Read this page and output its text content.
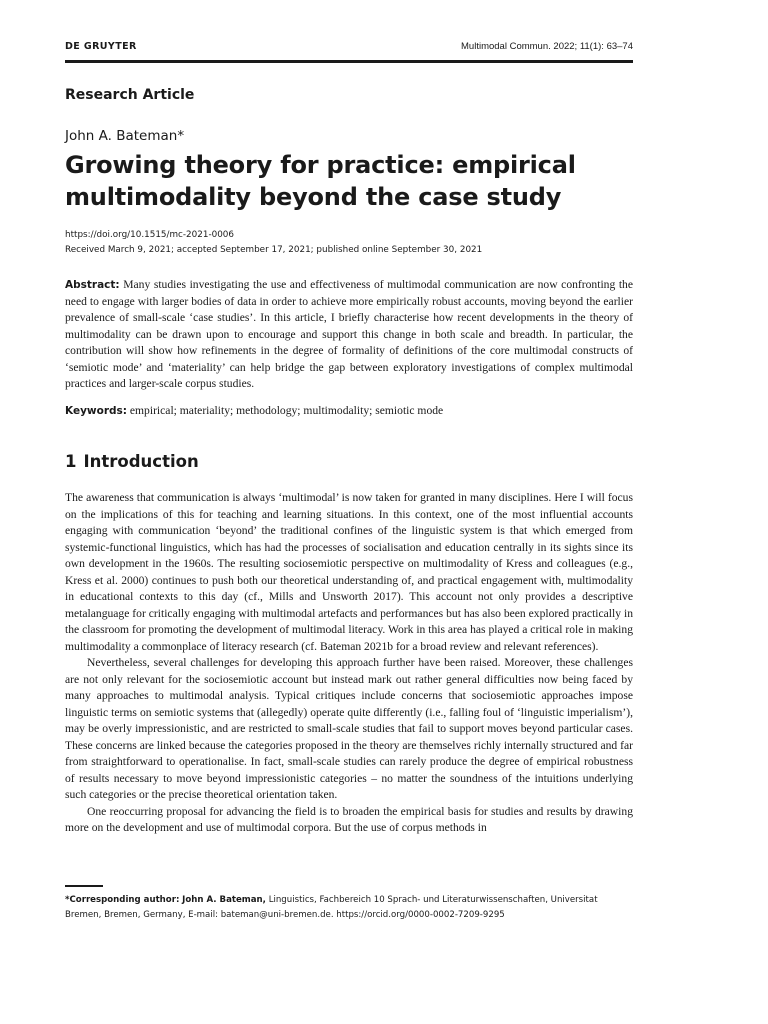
DE GRUYTER	Multimodal Commun. 2022; 11(1): 63–74
Research Article
John A. Bateman*
Growing theory for practice: empirical
multimodality beyond the case study
https://doi.org/10.1515/mc-2021-0006
Received March 9, 2021; accepted September 17, 2021; published online September 30, 2021
Abstract: Many studies investigating the use and effectiveness of multimodal communication are now confronting the need to engage with larger bodies of data in order to achieve more empirically robust accounts, moving beyond the earlier prevalence of small-scale ‘case studies’. In this article, I briefly characterise how recent developments in the theory of multimodality can be drawn upon to encourage and support this change in both scale and breadth. In particular, the contribution will show how refinements in the degree of formality of definitions of the core multimodal constructs of ‘semiotic mode’ and ‘materiality’ can help bridge the gap between exploratory investigations of complex multimodal practices and larger-scale corpus studies.
Keywords: empirical; materiality; methodology; multimodality; semiotic mode
1 Introduction

The awareness that communication is always ‘multimodal’ is now taken for granted in many disciplines. Here I will focus on the implications of this for teaching and learning situations. In this context, one of the most influential accounts engaging with communication ‘beyond’ the traditional confines of the linguistic system is that which emerged from systemic-functional linguistics, which has had the processes of socialisation and education centrally in its sights since its own development in the 1960s. The resulting sociosemiotic perspective on multimodality of Kress and colleagues (e.g., Kress et al. 2000) continues to push both our theoretical understanding of, and practical engagement with, multimodality in educational contexts to this day (cf., Mills and Unsworth 2017). This account not only provides a descriptive metalanguage for critically engaging with multimodal artefacts and performances but has also been explored practically in the classroom for promoting the development of multimodal literacy. Work in this area has played a critical role in making multimodality a commonplace of literacy research (cf. Bateman 2021b for a broad review and relevant references).

Nevertheless, several challenges for developing this approach further have been raised. Moreover, these challenges are not only relevant for the sociosemiotic account but instead mark out rather general difficulties now being faced by many approaches to multimodal analysis. Typical critiques include concerns that sociosemiotic approaches impose linguistic terms on semiotic systems that (allegedly) operate quite differently (i.e., falling foul of ‘linguistic imperialism’), may be overly impressionistic, and are restricted to small-scale studies that fail to support moves beyond particular cases. These concerns are linked because the categories proposed in the theory are themselves richly internally structured and far from straightforward to operationalise. In fact, small-scale studies can rarely produce the degree of empirical robustness of results necessary to move beyond impressionistic categories – no matter the soundness of the intuitions underlying such categories or the precise theoretical orientation taken.

One reoccurring proposal for advancing the field is to broaden the empirical basis for studies and results by drawing more on the development and use of multimodal corpora. But the use of corpus methods in

*Corresponding author: John A. Bateman, Linguistics, Fachbereich 10 Sprach- und Literaturwissenschaften, Universitat Bremen, Bremen, Germany, E-mail: bateman@uni-bremen.de. https://orcid.org/0000-0002-7209-9295
